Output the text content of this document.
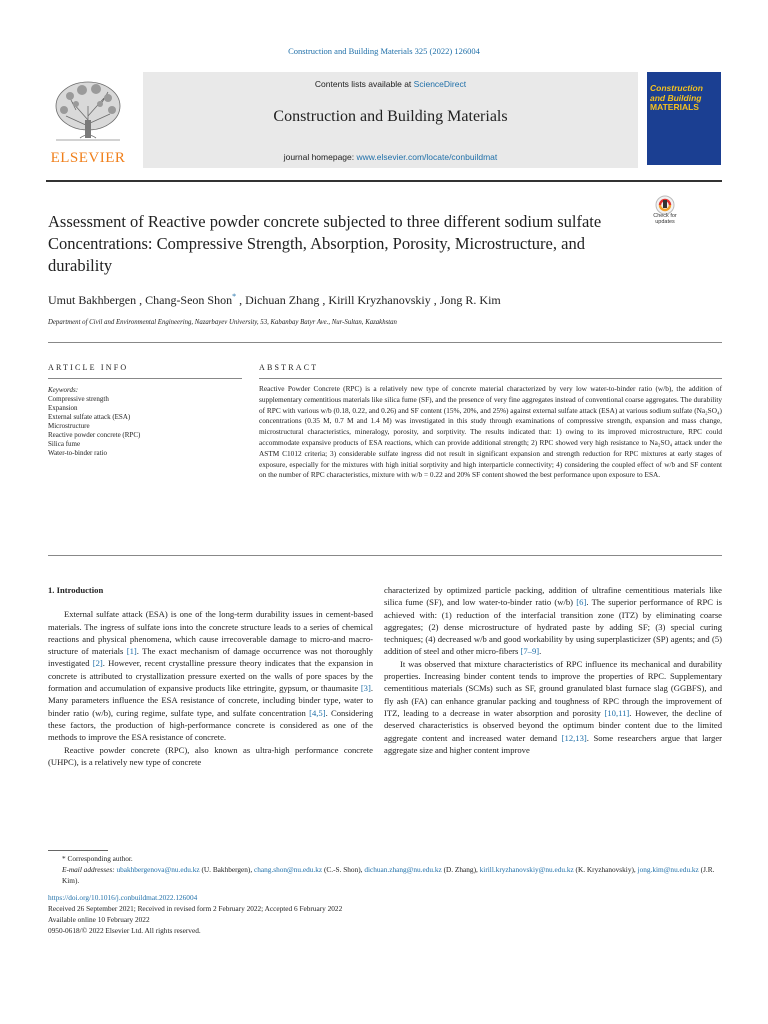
Construction and Building Materials 325 (2022) 126004
ELSEVIER
Contents lists available at ScienceDirect
Construction and Building Materials
journal homepage: www.elsevier.com/locate/conbuildmat
Construction
and Building
MATERIALS
Check for updates
Assessment of Reactive powder concrete subjected to three different sodium sulfate Concentrations: Compressive Strength, Absorption, Porosity, Microstructure, and durability
Umut Bakhbergen , Chang-Seon Shon* , Dichuan Zhang , Kirill Kryzhanovskiy , Jong R. Kim
Department of Civil and Environmental Engineering, Nazarbayev University, 53, Kabanbay Batyr Ave., Nur-Sultan, Kazakhstan
ARTICLE INFO
Keywords:
Compressive strength
Expansion
External sulfate attack (ESA)
Microstructure
Reactive powder concrete (RPC)
Silica fume
Water-to-binder ratio
ABSTRACT
Reactive Powder Concrete (RPC) is a relatively new type of concrete material characterized by very low water-to-binder ratio (w/b), the addition of supplementary cementitious materials like silica fume (SF), and the presence of very fine aggregates instead of conventional coarse aggregates. The durability of RPC with various w/b (0.18, 0.22, and 0.26) and SF content (15%, 20%, and 25%) against external sulfate attack (ESA) at various sodium sulfate (Na₂SO₄) concentrations (0.35 M, 0.7 M and 1.4 M) was investigated in this study through examinations of compressive strength, expansion and mass change, microstructural characteristics, mineralogy, porosity, and sorptivity. The results indicated that: 1) owing to its improved microstructure, RPC could accommodate expansive products of ESA reactions, which can provide additional strength; 2) RPC showed very high resistance to Na₂SO₄ attack under the ASTM C1012 criteria; 3) considerable sulfate ingress did not result in significant expansion and strength reduction for RPC mixtures at early stages of exposure, especially for the mixtures with high initial sorptivity and high interparticle connectivity; 4) considering the coupled effect of w/b and SF content on the number of RPC characteristics, mixture with w/b = 0.22 and 20% SF content showed the best performance upon exposure to ESA.

1. Introduction

External sulfate attack (ESA) is one of the long-term durability issues in cement-based materials. The ingress of sulfate ions into the concrete structure leads to a series of chemical reactions and physical phenomena, which cause irrecoverable damage to micro-and macro-structure of materials [1]. The exact mechanism of damage occurrence was not thoroughly investigated [2]. However, recent crystalline pressure theory indicates that the expansion in concrete is attributed to crystallization pressure exerted on the walls of pore spaces by the formation and accumulation of expansive products like ettringite, gypsum, or thaumasite [3]. Many parameters influence the ESA resistance of concrete, including binder type, water to binder ratio (w/b), curing regime, sulfate type, and sulfate concentration [4,5]. Considering these factors, the production of high-performance concrete is considered as one of the methods to improve the ESA resistance of concrete.

Reactive powder concrete (RPC), also known as ultra-high performance concrete (UHPC), is a relatively new type of concrete

characterized by optimized particle packing, addition of ultrafine cementitious materials like silica fume (SF), and low water-to-binder ratio (w/b) [6]. The superior performance of RPC is achieved with: (1) reduction of the interfacial transition zone (ITZ) by eliminating coarse aggregates; (2) dense microstructure of hydrated paste by adding SF; (3) special curing techniques; (4) decreased w/b and good workability by using superplasticizer (SP) agents; and (5) addition of steel and other micro-fibers [7–9].

It was observed that mixture characteristics of RPC influence its mechanical and durability properties. Increasing binder content tends to improve the properties of RPC. Supplementary cementitious materials (SCMs) such as SF, ground granulated blast furnace slag (GGBFS), and fly ash (FA) can enhance granular packing and toughness of RPC through the improvement of ITZ, leading to a decrease in water absorption and porosity [10,11]. However, the decline of deserved characteristics is observed beyond the optimum binder content due to the limited aggregate content and increased water demand [12,13]. Some researchers argue that larger aggregate size and higher content improve

* Corresponding author.

E-mail addresses: ubakhbergenova@nu.edu.kz (U. Bakhbergen), chang.shon@nu.edu.kz (C.-S. Shon), dichuan.zhang@nu.edu.kz (D. Zhang), kirill.kryzhanovskiy@nu.edu.kz (K. Kryzhanovskiy), jong.kim@nu.edu.kz (J.R. Kim).

https://doi.org/10.1016/j.conbuildmat.2022.126004

Received 26 September 2021; Received in revised form 2 February 2022; Accepted 6 February 2022

Available online 10 February 2022

0950-0618/© 2022 Elsevier Ltd. All rights reserved.
